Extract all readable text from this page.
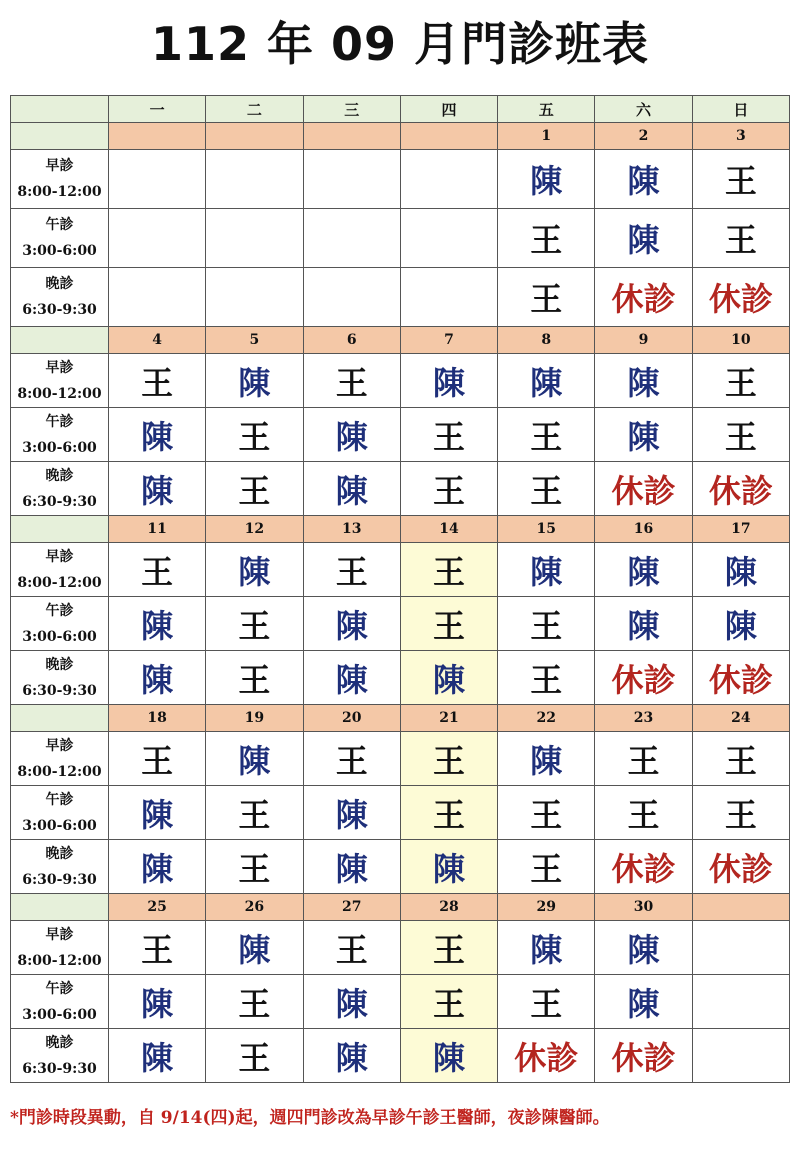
112 年 09 月門診班表
	一	二	三	四	五	六	日
					1	2	3

早診
8:00-12:00					陳	陳	王

午診
3:00-6:00					王	陳	王

晚診
6:30-9:30					王	休診	休診
	4	5	6	7	8	9	10

早診
8:00-12:00	王	陳	王	陳	陳	陳	王

午診
3:00-6:00	陳	王	陳	王	王	陳	王

晚診
6:30-9:30	陳	王	陳	王	王	休診	休診
	11	12	13	14	15	16	17

早診
8:00-12:00	王	陳	王	王	陳	陳	陳

午診
3:00-6:00	陳	王	陳	王	王	陳	陳

晚診
6:30-9:30	陳	王	陳	陳	王	休診	休診
	18	19	20	21	22	23	24

早診
8:00-12:00	王	陳	王	王	陳	王	王

午診
3:00-6:00	陳	王	陳	王	王	王	王

晚診
6:30-9:30	陳	王	陳	陳	王	休診	休診
	25	26	27	28	29	30	

早診
8:00-12:00	王	陳	王	王	陳	陳	

午診
3:00-6:00	陳	王	陳	王	王	陳	

晚診
6:30-9:30	陳	王	陳	陳	休診	休診	
*門診時段異動，自 9/14(四)起，週四門診改為早診午診王醫師，夜診陳醫師。
